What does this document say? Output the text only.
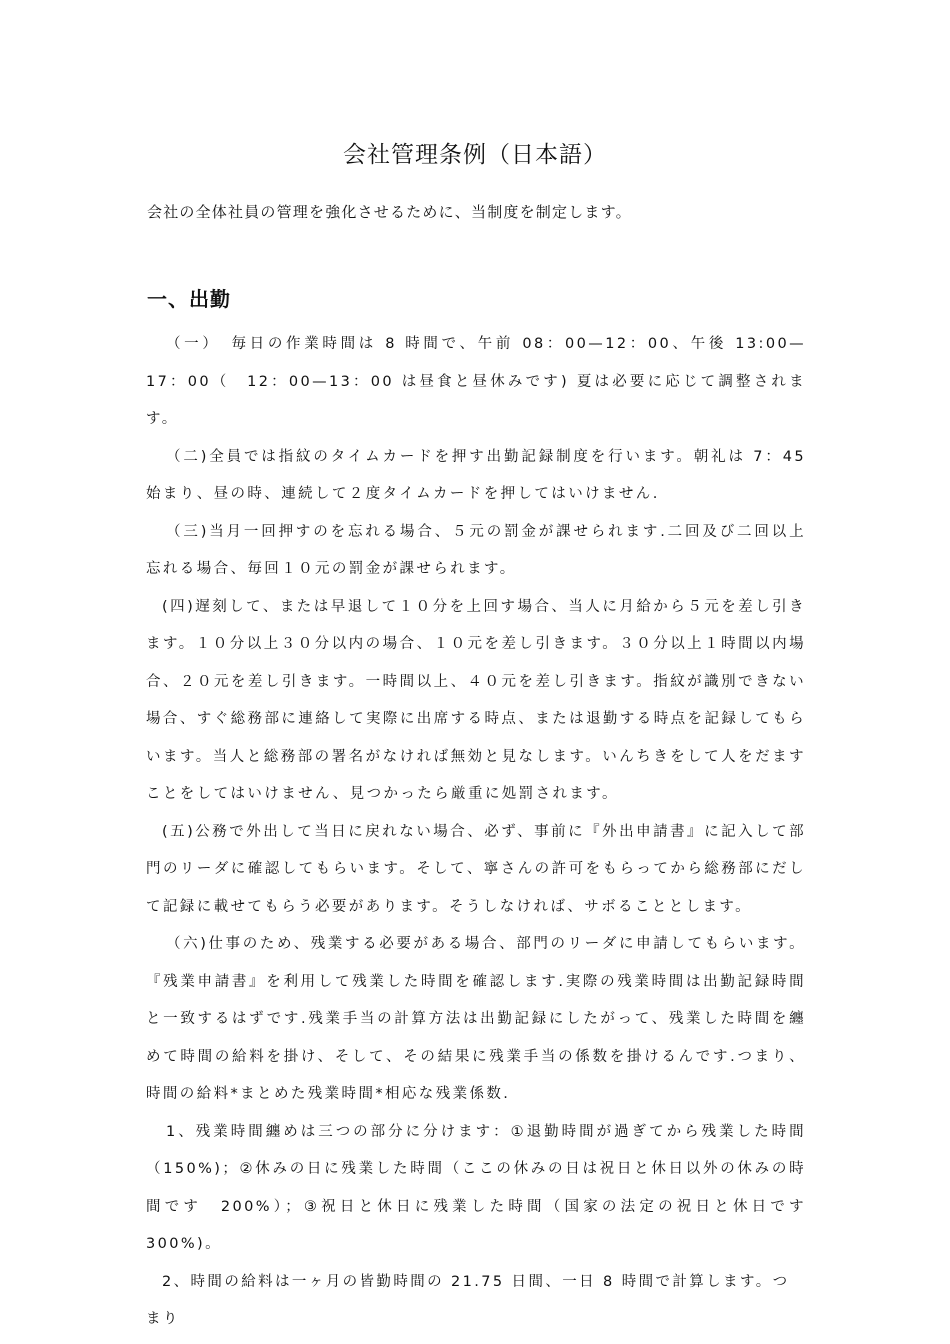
会社管理条例（日本語）
会社の全体社員の管理を強化させるために、当制度を制定します。
一、出勤

（一）　毎日の作業時間は 8 時間で、午前 08：00—12：00、午後 13:00—17：00（　12：00—13：00 は昼食と昼休みです) 夏は必要に応じて調整されます。

（二)全員では指紋のタイムカードを押す出勤記録制度を行います。朝礼は 7：45 始まり、昼の時、連続して２度タイムカードを押してはいけません.

（三)当月一回押すのを忘れる場合、５元の罰金が課せられます.二回及び二回以上忘れる場合、毎回１０元の罰金が課せられます。

(四)遅刻して、または早退して１０分を上回す場合、当人に月給から５元を差し引きます。１０分以上３０分以内の場合、１０元を差し引きます。３０分以上１時間以内場合、２０元を差し引きます。一時間以上、４０元を差し引きます。指紋が識別できない場合、すぐ総務部に連絡して実際に出席する時点、または退勤する時点を記録してもらいます。当人と総務部の署名がなければ無効と見なします。いんちきをして人をだますことをしてはいけません、見つかったら厳重に処罰されます。

(五)公務で外出して当日に戻れない場合、必ず、事前に『外出申請書』に記入して部門のリーダに確認してもらいます。そして、寧さんの許可をもらってから総務部にだして記録に載せてもらう必要があります。そうしなければ、サボることとします。

（六)仕事のため、残業する必要がある場合、部門のリーダに申請してもらいます。『残業申請書』を利用して残業した時間を確認します.実際の残業時間は出勤記録時間と一致するはずです.残業手当の計算方法は出勤記録にしたがって、残業した時間を纏めて時間の給料を掛け、そして、その結果に残業手当の係数を掛けるんです.つまり、時間の給料*まとめた残業時間*相応な残業係数.

1、残業時間纏めは三つの部分に分けます：①退勤時間が過ぎてから残業した時間（150%)；②休みの日に残業した時間（ここの休みの日は祝日と休日以外の休みの時間です　200%）；③祝日と休日に残業した時間（国家の法定の祝日と休日です　300%)。

2、時間の給料は一ヶ月の皆勤時間の 21.75 日間、一日 8 時間で計算します。つまり
